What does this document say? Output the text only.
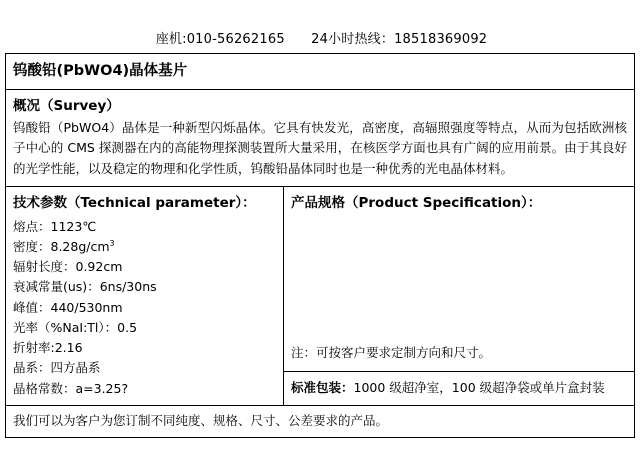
座机:010-56262165 24小时热线：18518369092
钨酸铅(PbWO4)晶体基片
概况（Survey）
钨酸铅（PbWO4）晶体是一种新型闪烁晶体。它具有快发光，高密度，高辐照强度等特点，从而为包括欧洲核子中心的 CMS 探测器在内的高能物理探测装置所大量采用，在核医学方面也具有广阔的应用前景。由于其良好的光学性能，以及稳定的物理和化学性质，钨酸铅晶体同时也是一种优秀的光电晶体材料。
技术参数（Technical parameter）：
熔点：1123℃
密度：$8.28g/cm^3$
辐射长度：0.92cm
衰减常量(us)：6ns/30ns
峰值：440/530nm
光率（%NaI:Tl）：0.5
折射率:2.16
晶系：四方晶系
晶格常数：a=3.25?
产品规格（Product Specification）：
注：可按客户要求定制方向和尺寸。
标准包装：1000 级超净室，100 级超净袋或单片盒封装
我们可以为客户为您订制不同纯度、规格、尺寸、公差要求的产品。
